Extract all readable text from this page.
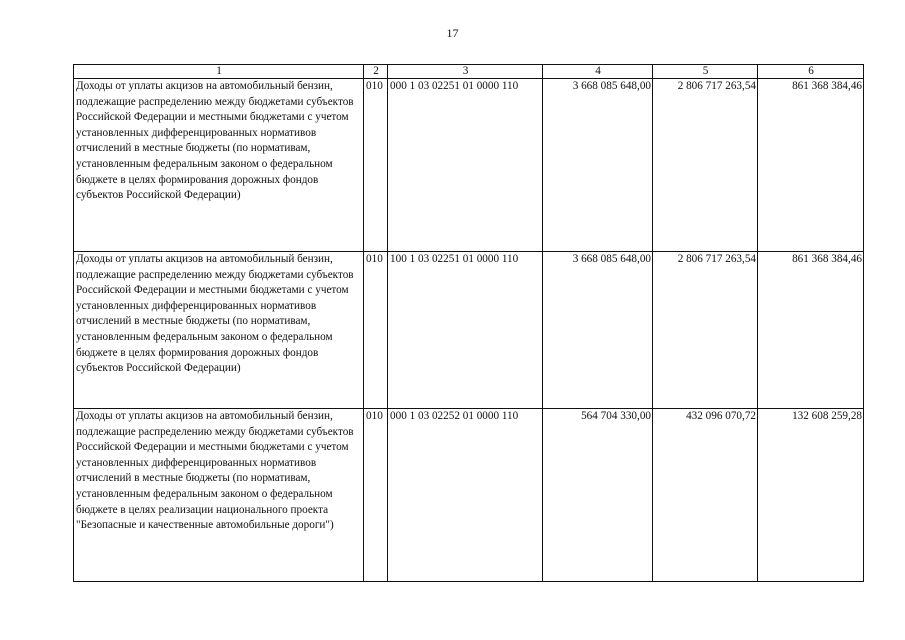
17
1	2	3	4	5	6
Доходы от уплаты акцизов на автомобильный бензин, подлежащие распределению между бюджетами субъектов Российской Федерации и местными бюджетами с учетом установленных дифференцированных нормативов отчислений в местные бюджеты (по нормативам, установленным федеральным законом о федеральном бюджете в целях формирования дорожных фондов субъектов Российской Федерации)	010	000 1 03 02251 01 0000 110	3 668 085 648,00	2 806 717 263,54	861 368 384,46
Доходы от уплаты акцизов на автомобильный бензин, подлежащие распределению между бюджетами субъектов Российской Федерации и местными бюджетами с учетом установленных дифференцированных нормативов отчислений в местные бюджеты (по нормативам, установленным федеральным законом о федеральном бюджете в целях формирования дорожных фондов субъектов Российской Федерации)	010	100 1 03 02251 01 0000 110	3 668 085 648,00	2 806 717 263,54	861 368 384,46
Доходы от уплаты акцизов на автомобильный бензин, подлежащие распределению между бюджетами субъектов Российской Федерации и местными бюджетами с учетом установленных дифференцированных нормативов отчислений в местные бюджеты (по нормативам, установленным федеральным законом о федеральном бюджете в целях реализации национального проекта "Безопасные и качественные автомобильные дороги")	010	000 1 03 02252 01 0000 110	564 704 330,00	432 096 070,72	132 608 259,28
